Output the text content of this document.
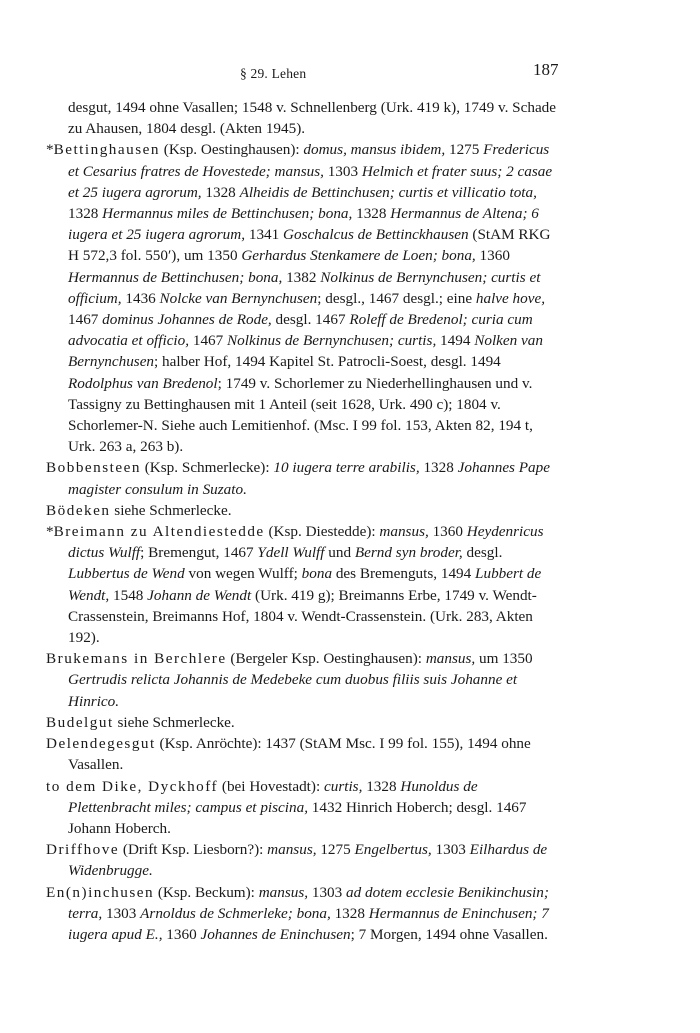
§ 29. Lehen	187

desgut, 1494 ohne Vasallen; 1548 v. Schnellenberg (Urk. 419 k), 1749 v. Schade zu Ahausen, 1804 desgl. (Akten 1945).

*Bettinghausen (Ksp. Oestinghausen): domus, mansus ibidem, 1275 Fredericus et Cesarius fratres de Hovestede; mansus, 1303 Helmich et frater suus; 2 casae et 25 iugera agrorum, 1328 Alheidis de Bettinchusen; curtis et villicatio tota, 1328 Hermannus miles de Bettinchusen; bona, 1328 Hermannus de Altena; 6 iugera et 25 iugera agrorum, 1341 Goschalcus de Bettinckhausen (StAM RKG H 572,3 fol. 550′), um 1350 Gerhardus Stenkamere de Loen; bona, 1360 Hermannus de Bettinchusen; bona, 1382 Nolkinus de Bernynchusen; curtis et officium, 1436 Nolcke van Bernynchusen; desgl., 1467 desgl.; eine halve hove, 1467 dominus Johannes de Rode, desgl. 1467 Roleff de Bredenol; curia cum advocatia et officio, 1467 Nolkinus de Bernynchusen; curtis, 1494 Nolken van Bernynchusen; halber Hof, 1494 Kapitel St. Patrocli-Soest, desgl. 1494 Rodolphus van Bredenol; 1749 v. Schorlemer zu Niederhellinghausen und v. Tassigny zu Bettinghausen mit 1 Anteil (seit 1628, Urk. 490 c); 1804 v. Schorlemer-N. Siehe auch Lemitienhof. (Msc. I 99 fol. 153, Akten 82, 194 t, Urk. 263 a, 263 b).

Bobbensteen (Ksp. Schmerlecke): 10 iugera terre arabilis, 1328 Johannes Pape magister consulum in Suzato.

Bödeken siehe Schmerlecke.

*Breimann zu Altendiestedde (Ksp. Diestedde): mansus, 1360 Heydenricus dictus Wulff; Bremengut, 1467 Ydell Wulff und Bernd syn broder, desgl. Lubbertus de Wend von wegen Wulff; bona des Bremenguts, 1494 Lubbert de Wendt, 1548 Johann de Wendt (Urk. 419 g); Breimanns Erbe, 1749 v. Wendt-Crassenstein, Breimanns Hof, 1804 v. Wendt-Crassenstein. (Urk. 283, Akten 192).

Brukemans in Berchlere (Bergeler Ksp. Oestinghausen): mansus, um 1350 Gertrudis relicta Johannis de Medebeke cum duobus filiis suis Johanne et Hinrico.

Budelgut siehe Schmerlecke.

Delendegesgut (Ksp. Anröchte): 1437 (StAM Msc. I 99 fol. 155), 1494 ohne Vasallen.

to dem Dike, Dyckhoff (bei Hovestadt): curtis, 1328 Hunoldus de Plettenbracht miles; campus et piscina, 1432 Hinrich Hoberch; desgl. 1467 Johann Hoberch.

Driffhove (Drift Ksp. Liesborn?): mansus, 1275 Engelbertus, 1303 Eilhardus de Widenbrugge.

En(n)inchusen (Ksp. Beckum): mansus, 1303 ad dotem ecclesie Benikinchusin; terra, 1303 Arnoldus de Schmerleke; bona, 1328 Hermannus de Eninchusen; 7 iugera apud E., 1360 Johannes de Eninchusen; 7 Morgen, 1494 ohne Vasallen.
